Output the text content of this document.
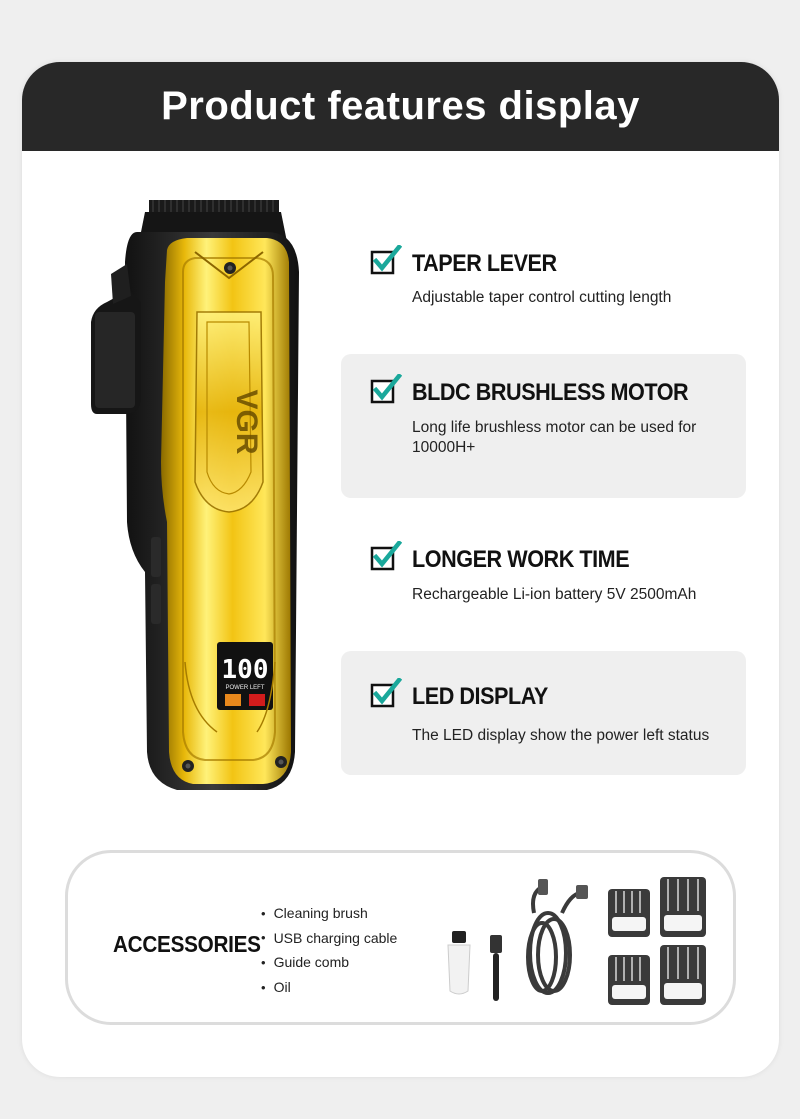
Product features display
VGR
100
POWER LEFT
TAPER LEVER
Adjustable taper control cutting length
BLDC BRUSHLESS MOTOR
Long life brushless motor can be used for 10000H+
LONGER WORK TIME
Rechargeable Li-ion battery 5V 2500mAh
LED DISPLAY
The LED display show the power left status
ACCESSORIES
• Cleaning brush
• USB charging cable
• Guide comb
• Oil
